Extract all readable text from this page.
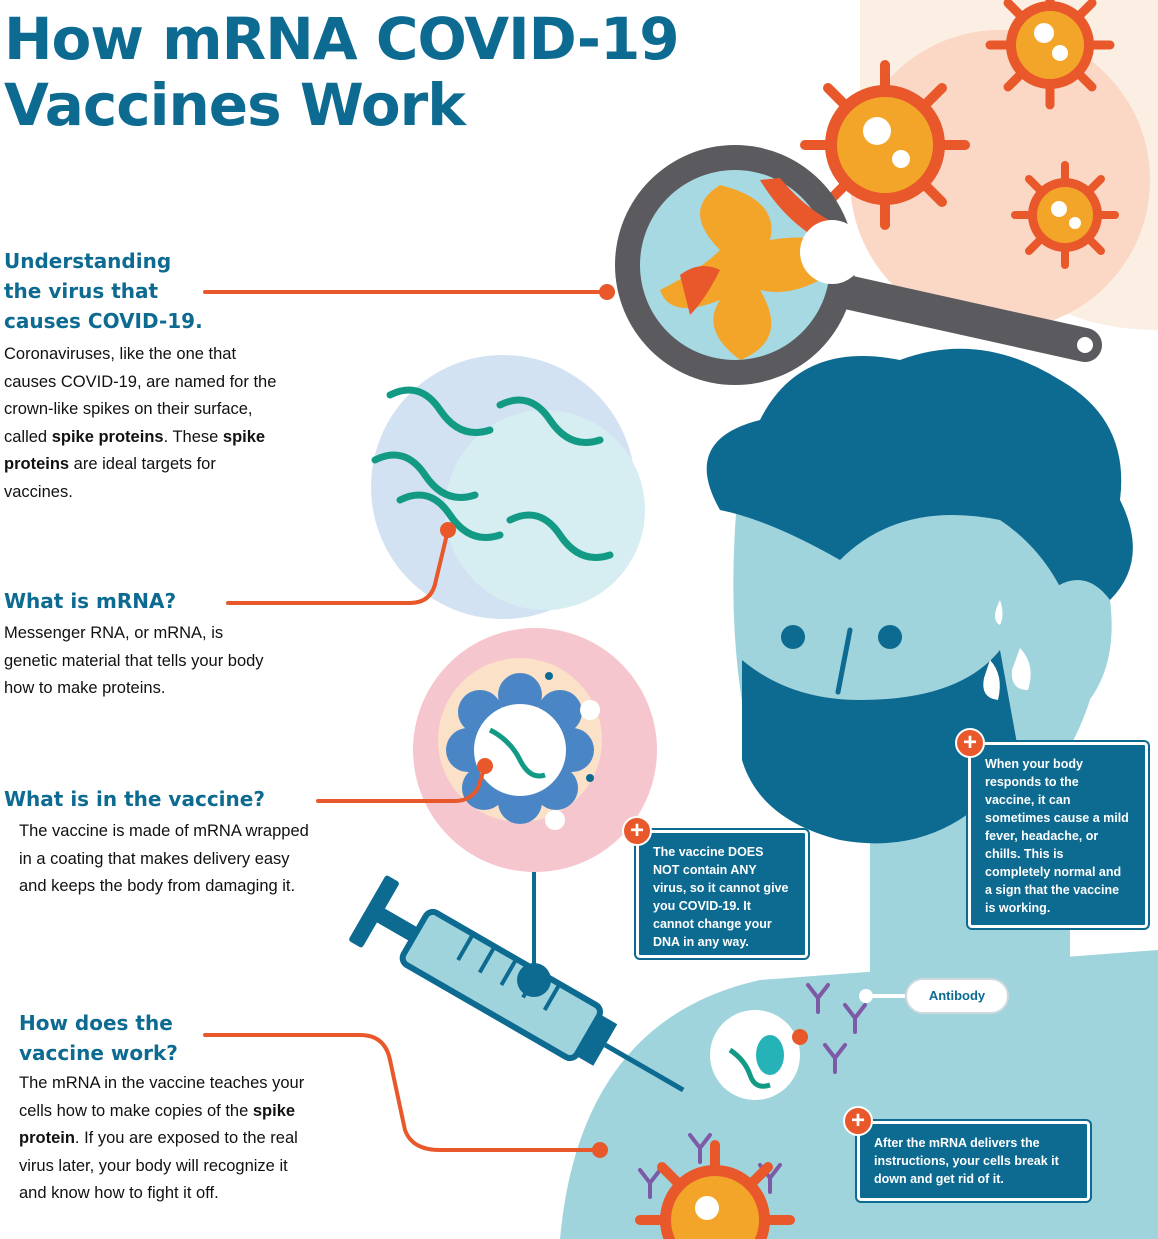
How mRNA COVID-19
Vaccines Work
Understanding
the virus that
causes COVID-19.

Coronaviruses, like the one that causes COVID-19, are named for the crown-like spikes on their surface, called spike proteins. These spike proteins are ideal targets for vaccines.

What is mRNA?

Messenger RNA, or mRNA, is genetic material that tells your body how to make proteins.

What is in the vaccine?

The vaccine is made of mRNA wrapped in a coating that makes delivery easy and keeps the body from damaging it.

How does the
vaccine work?

The mRNA in the vaccine teaches your cells how to make copies of the spike protein. If you are exposed to the real virus later, your body will recognize it and know how to fight it off.

The vaccine DOES NOT contain ANY virus, so it cannot give you COVID-19. It cannot change your DNA in any way.
+
When your body responds to the vaccine, it can sometimes cause a mild fever, headache, or chills. This is completely normal and a sign that the vaccine is working.
+
After the mRNA delivers the instructions, your cells break it down and get rid of it.
+
Antibody
